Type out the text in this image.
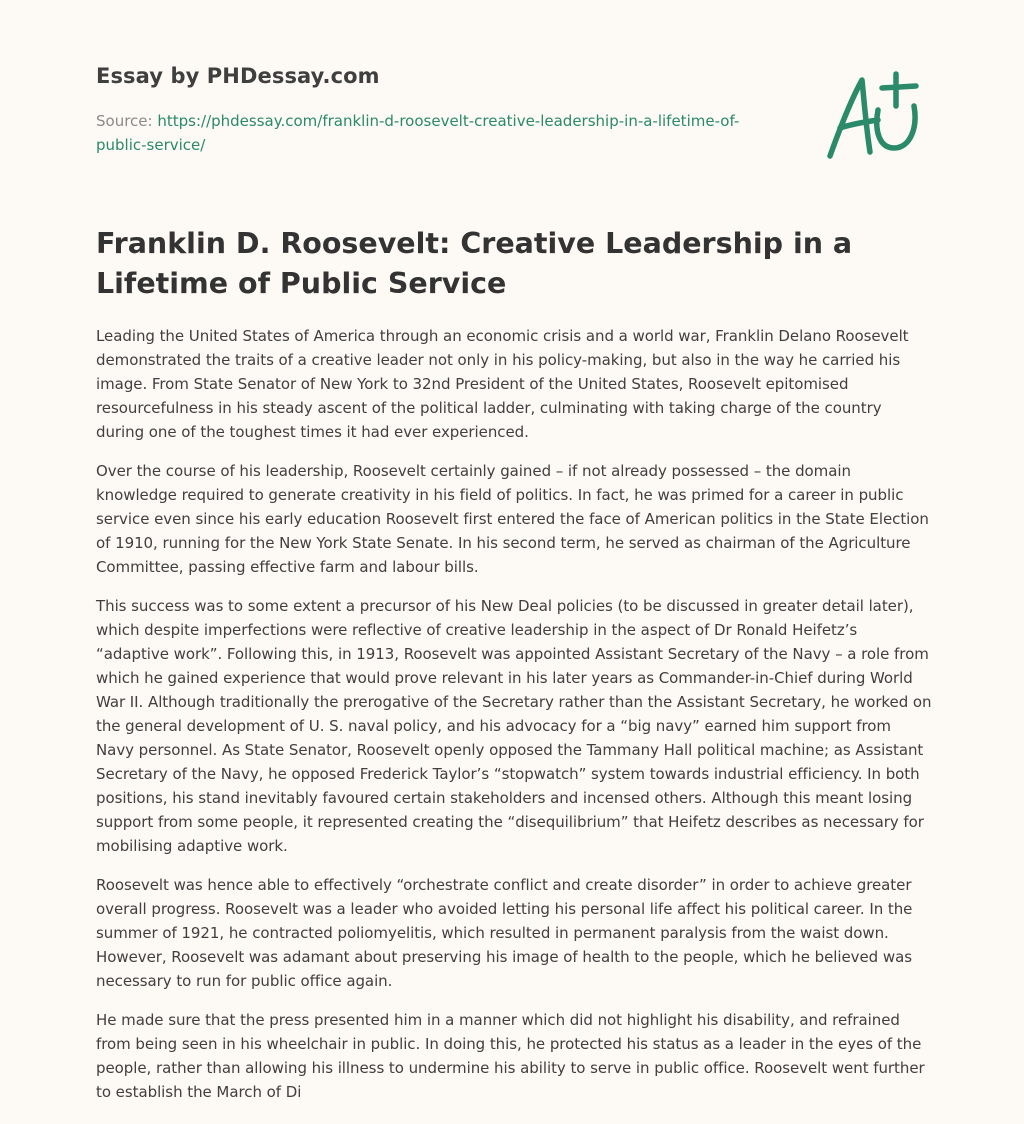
Essay by PHDessay.com
Source: https://phdessay.com/franklin-d-roosevelt-creative-leadership-in-a-lifetime-of-public-service/
Franklin D. Roosevelt: Creative Leadership in a Lifetime of Public Service

Leading the United States of America through an economic crisis and a world war, Franklin Delano Roosevelt demonstrated the traits of a creative leader not only in his policy-making, but also in the way he carried his image. From State Senator of New York to 32nd President of the United States, Roosevelt epitomised resourcefulness in his steady ascent of the political ladder, culminating with taking charge of the country during one of the toughest times it had ever experienced.

Over the course of his leadership, Roosevelt certainly gained – if not already possessed – the domain knowledge required to generate creativity in his field of politics. In fact, he was primed for a career in public service even since his early education Roosevelt first entered the face of American politics in the State Election of 1910, running for the New York State Senate. In his second term, he served as chairman of the Agriculture Committee, passing effective farm and labour bills.

This success was to some extent a precursor of his New Deal policies (to be discussed in greater detail later), which despite imperfections were reflective of creative leadership in the aspect of Dr Ronald Heifetz’s “adaptive work”. Following this, in 1913, Roosevelt was appointed Assistant Secretary of the Navy – a role from which he gained experience that would prove relevant in his later years as Commander-in-Chief during World War II. Although traditionally the prerogative of the Secretary rather than the Assistant Secretary, he worked on the general development of U. S. naval policy, and his advocacy for a “big navy” earned him support from Navy personnel. As State Senator, Roosevelt openly opposed the Tammany Hall political machine; as Assistant Secretary of the Navy, he opposed Frederick Taylor’s “stopwatch” system towards industrial efficiency. In both positions, his stand inevitably favoured certain stakeholders and incensed others. Although this meant losing support from some people, it represented creating the “disequilibrium” that Heifetz describes as necessary for mobilising adaptive work.

Roosevelt was hence able to effectively “orchestrate conflict and create disorder” in order to achieve greater overall progress. Roosevelt was a leader who avoided letting his personal life affect his political career. In the summer of 1921, he contracted poliomyelitis, which resulted in permanent paralysis from the waist down. However, Roosevelt was adamant about preserving his image of health to the people, which he believed was necessary to run for public office again.

He made sure that the press presented him in a manner which did not highlight his disability, and refrained from being seen in his wheelchair in public. In doing this, he protected his status as a leader in the eyes of the people, rather than allowing his illness to undermine his ability to serve in public office. Roosevelt went further to establish the March of Di
